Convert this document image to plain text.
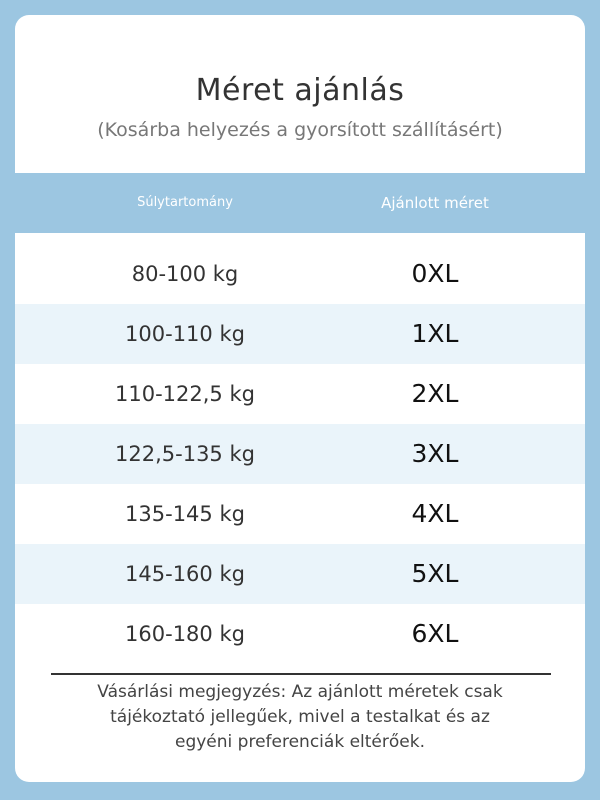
Méret ajánlás
(Kosárba helyezés a gyorsított szállításért)
Súlytartomány	Ajánlott méret
80-100 kg	0XL
100-110 kg	1XL
110-122,5 kg	2XL
122,5-135 kg	3XL
135-145 kg	4XL
145-160 kg	5XL
160-180 kg	6XL
Vásárlási megjegyzés: Az ajánlott méretek csak
tájékoztató jellegűek, mivel a testalkat és az
egyéni preferenciák eltérőek.
